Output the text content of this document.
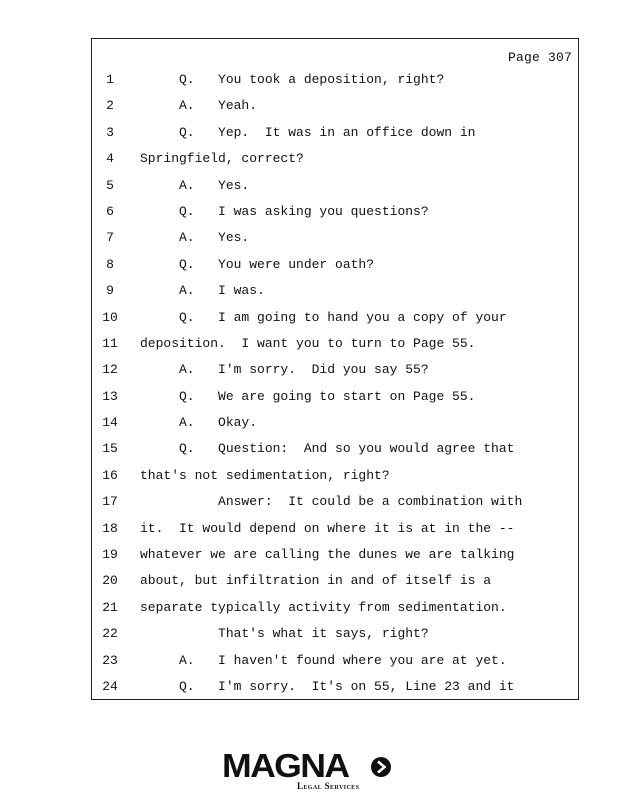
Page 307
1	Q.   You took a deposition, right?
2	A.   Yeah.
3	Q.   Yep.  It was in an office down in
4	Springfield, correct?
5	A.   Yes.
6	Q.   I was asking you questions?
7	A.   Yes.
8	Q.   You were under oath?
9	A.   I was.
10 Q.   I am going to hand you a copy of your
11 deposition.  I want you to turn to Page 55.
12 A.   I'm sorry.  Did you say 55?
13 Q.   We are going to start on Page 55.
14 A.   Okay.
15 Q.   Question:  And so you would agree that
16 that's not sedimentation, right?
17 Answer:  It could be a combination with
18 it.  It would depend on where it is at in the --
19 whatever we are calling the dunes we are talking
20 about, but infiltration in and of itself is a
21 separate typically activity from sedimentation.
22 That's what it says, right?
23 A.   I haven't found where you are at yet.
24 Q.   I'm sorry.  It's on 55, Line 23 and it
MAGNA
Legal Services
